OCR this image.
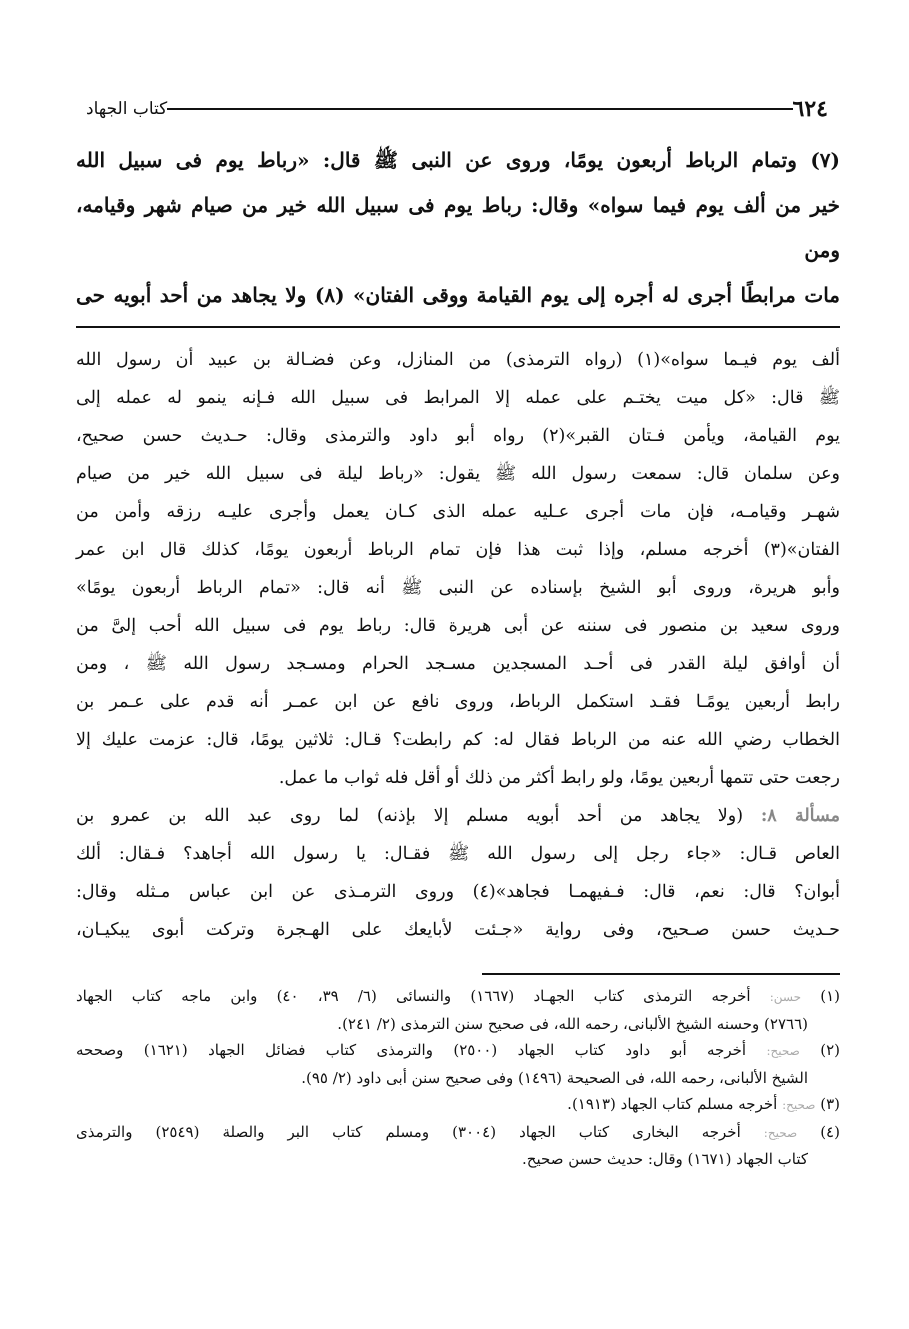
٦٢٤
كتاب الجهاد
(٧) وتمام الرباط أربعون يومًا، وروى عن النبى ﷺ قال: «رباط يوم فى سبيل الله
خير من ألف يوم فيما سواه» وقال: رباط يوم فى سبيل الله خير من صيام شهر وقيامه، ومن
مات مرابطًا أجرى له أجره إلى يوم القيامة ووقى الفتان» (٨) ولا يجاهد من أحد أبويه حى
ألف يوم فيـما سواه»(١) (رواه الترمذى) من المنازل، وعن فضـالة بن عبيد أن رسول الله
ﷺ قال: «كل ميت يختـم على عمله إلا المرابط فى سبيل الله فـإنه ينمو له عمله إلى
يوم القيامة، ويأمن فـتان القبر»(٢) رواه أبو داود والترمذى وقال: حـديث حسن صحيح،
وعن سلمان قال: سمعت رسول الله ﷺ يقول: «رباط ليلة فى سبيل الله خير من صيام
شهـر وقيامـه، فإن مات أجرى عـليه عمله الذى كـان يعمل وأجرى عليـه رزقه وأمن من
الفتان»(٣) أخرجه مسلم، وإذا ثبت هذا فإن تمام الرباط أربعون يومًا، كذلك قال ابن عمر
وأبو هريرة، وروى أبو الشيخ بإسناده عن النبى ﷺ أنه قال: «تمام الرباط أربعون يومًا»
وروى سعيد بن منصور فى سننه عن أبى هريرة قال: رباط يوم فى سبيل الله أحب إلىَّ من
أن أوافق ليلة القدر فى أحـد المسجدين مسـجد الحرام ومسـجد رسول الله ﷺ ، ومن
رابط أربعين يومًـا فقـد استكمل الرباط، وروى نافع عن ابن عمـر أنه قدم على عـمر بن
الخطاب رضي الله عنه من الرباط فقال له: كم رابطت؟ قـال: ثلاثين يومًا، قال: عزمت عليك إلا
رجعت حتى تتمها أربعين يومًا، ولو رابط أكثر من ذلك أو أقل فله ثواب ما عمل.
مسألة ٨: (ولا يجاهد من أحد أبويه مسلم إلا بإذنه) لما روى عبد الله بن عمرو بن
العاص قـال: «جاء رجل إلى رسول الله ﷺ فقـال: يا رسول الله أجاهد؟ فـقال: ألك
أبوان؟ قال: نعم، قال: فـفيهمـا فجاهد»(٤) وروى الترمـذى عن ابن عباس مـثله وقال:
حـديث حسن صـحيح، وفى رواية «جـئت لأبايعك على الهـجرة وتركت أبوى يبكيـان،
(١) حسن: أخرجه الترمذى كتاب الجهـاد (١٦٦٧) والنسائى (٦/ ٣٩، ٤٠) وابن ماجه كتاب الجهاد
(٢٧٦٦) وحسنه الشيخ الألبانى، رحمه الله، فى صحيح سنن الترمذى (٢/ ٢٤١).
(٢) صحيح: أخرجه أبو داود كتاب الجهاد (٢٥٠٠) والترمذى كتاب فضائل الجهاد (١٦٢١) وصححه
الشيخ الألبانى، رحمه الله، فى الصحيحة (١٤٩٦) وفى صحيح سنن أبى داود (٢/ ٩٥).
(٣) صحيح: أخرجه مسلم كتاب الجهاد (١٩١٣).
(٤) صحيح: أخرجه البخارى كتاب الجهاد (٣٠٠٤) ومسلم كتاب البر والصلة (٢٥٤٩) والترمذى
كتاب الجهاد (١٦٧١) وقال: حديث حسن صحيح.
